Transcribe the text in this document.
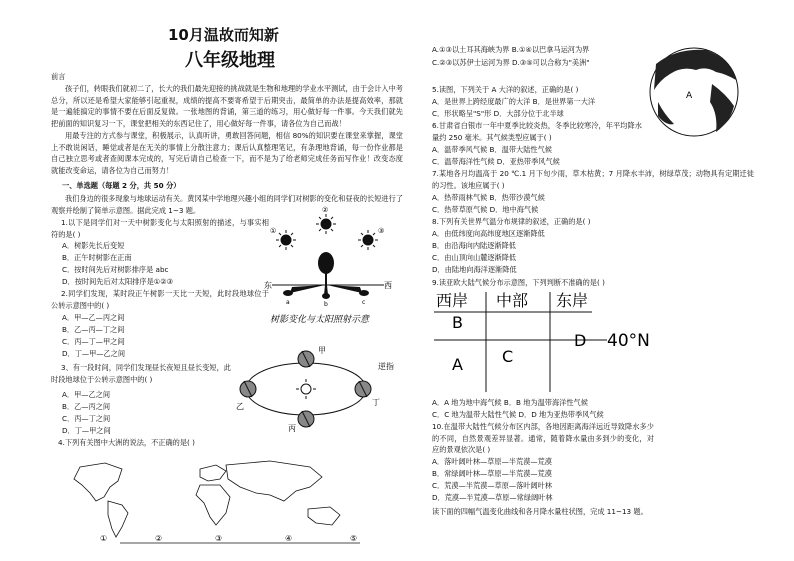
10月温故而知新
八年级地理
前言
孩子们，转眼我们就初二了，长大的我们最先迎接的挑战就是生物和地理的学业水平测试，由于会计入中考总分，所以还是希望大家能够引起重视，成绩的提高不要寄希望于后期突击，最简单的办法是提高效率，那就是一遍能搞定的事情不要在后面反复做。一张地图的背诵，第三道的练习，用心做好每一件事。今天我们就先把前面的知识复习一下，课堂把相关的东西记住了，用心做好每一件事，请各位为自己而战！
用最专注的方式参与课堂，积极展示，认真听讲，勇敢回答问题，相信 80%的知识要在课堂来掌握，课堂上不敢说闲话，睡觉或者是在无关的事情上分散注意力；课后认真整理笔记，有条理地背诵，每一份作业都是自己独立思考或者查阅课本完成的，写完后请自己检查一下，而不是为了给老师完成任务而写作业！改变态度就能改变命运，请各位为自己而努力！
一、单选题（每题 2 分，共 50 分）
我们身边的很多现象与地球运动有关。黄冈某中学地理兴趣小组的同学们对树影的变化和昼夜的长短进行了观察并绘制了简单示意图。据此完成 1~3 题。
1.以下是同学们对一天中树影变化与太阳照射的描述，与事实相符的是( )
A．树影先长后变短
B．正午时树影在正南
C．按时间先后对树影排序是 abc
D．按时间先后对太阳排序是①②③
2.同学们发现，某时段正午树影一天比一天短，此时段地球位于公转示意图中的( )
A．甲—乙—丙之间
B．乙—丙—丁之间
C．丙—丁—甲之间
D．丁—甲—乙之间
3、有一段时间，同学们发现昼长夜短且昼长变短，此时段地球位于公转示意图中的( )
A．甲—乙之间
B．乙—丙之间
C．丙—丁之间
D．丁—甲之间
4.下列有关图中大洲的说法，不正确的是( )
①
②
③
东	西
a	b	c
树影变化与太阳照射示意
甲
乙
丙
丁
逆指
①	②	③	④	⑤
A.①③以土耳其海峡为界 B.①④以巴拿马运河为界
C.②③以苏伊士运河为界 D.③⑤可以合称为"美洲"
A
5.读图，下列关于 A 大洋的叙述，正确的是( )
A．是世界上跨经度最广的大洋 B．是世界第一大洋
C．形状略呈"S"形 D．大部分位于北半球
6.甘肃省白银市一年中夏季比较炎热，冬季比较寒冷，年平均降水量约 250 毫米。其气候类型应属于( )
A．温带季风气候 B．温带大陆性气候
C．温带海洋性气候 D．亚热带季风气候
7.某地各月均温高于 20 ℃.1 月下旬少雨，草木枯黄；7 月降水丰沛，树绿草茂；动物具有定期迁徙的习性。该地应属于( )
A．热带雨林气候 B．热带沙漠气候
C．热带草原气候 D．地中海气候
8.下列有关世界气温分布规律的叙述，正确的是( )
A．由低纬度向高纬度地区逐渐降低
B．由沿海向内陆逐渐降低
C．由山顶向山麓逐渐降低
D．由陆地向海洋逐渐降低
9.读亚欧大陆气候分布示意图，下列判断不准确的是( )
西岸 中部 东岸
40°N
A
B
C
D
A．A 地为地中海气候 B．B 地为温带海洋性气候
C．C 地为温带大陆性气候 D．D 地为亚热带季风气候
10.在温带大陆性气候分布区内部，各地因距离海洋远近导致降水多少的不同，自然景观差异显著。通常，随着降水量由多到少的变化，对应的景观依次是( )
A．落叶阔叶林—草原—半荒漠—荒漠
B．常绿阔叶林—草原—半荒漠—荒漠
C．荒漠—半荒漠—草原—落叶阔叶林
D．荒漠—半荒漠—草原—常绿阔叶林
读下面的四幅气温变化曲线和各月降水量柱状图，完成 11~13 题。
